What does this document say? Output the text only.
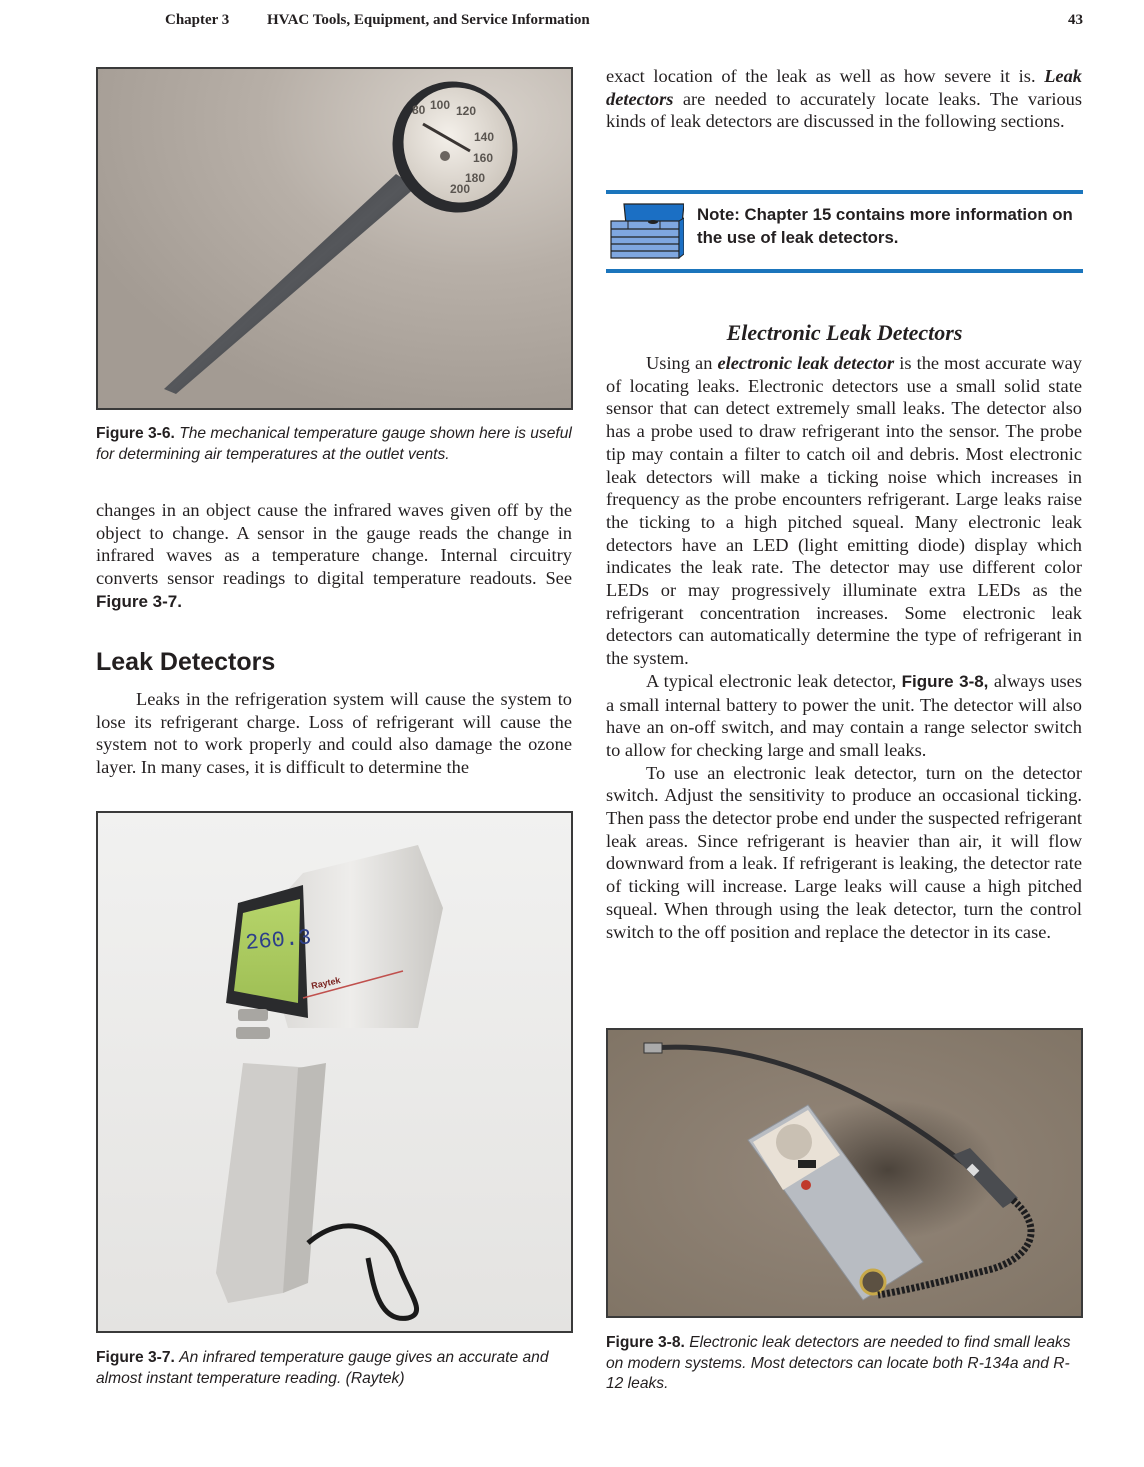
Chapter 3	HVAC Tools, Equipment, and Service Information	43
80 100 120
140
160
180
200
Figure 3-6. The mechanical temperature gauge shown here is useful for determining air temperatures at the outlet vents.

changes in an object cause the infrared waves given off by the object to change. A sensor in the gauge reads the change in infrared waves as a temperature change. Internal circuitry converts sensor readings to digital temperature readouts. See Figure 3-7.

Leak Detectors

Leaks in the refrigeration system will cause the system to lose its refrigerant charge. Loss of refrigerant will cause the system not to work properly and could also damage the ozone layer. In many cases, it is difficult to determine the

260.3
Raytek
Figure 3-7. An infrared temperature gauge gives an accurate and almost instant temperature reading. (Raytek)

exact location of the leak as well as how severe it is. Leak detectors are needed to accurately locate leaks. The various kinds of leak detectors are discussed in the following sections.

Note: Chapter 15 contains more information on the use of leak detectors.
Electronic Leak Detectors

Using an electronic leak detector is the most accurate way of locating leaks. Electronic detectors use a small solid state sensor that can detect extremely small leaks. The detector also has a probe used to draw refrigerant into the sensor. The probe tip may contain a filter to catch oil and debris. Most electronic leak detectors will make a ticking noise which increases in frequency as the probe encounters refrigerant. Large leaks raise the ticking to a high pitched squeal. Many electronic leak detectors have an LED (light emitting diode) display which indicates the leak rate. The detector may use different color LEDs or may progressively illuminate extra LEDs as the refrigerant concentration increases. Some electronic leak detectors can automatically determine the type of refrigerant in the system.

A typical electronic leak detector, Figure 3-8, always uses a small internal battery to power the unit. The detector will also have an on-off switch, and may contain a range selector switch to allow for checking large and small leaks.

To use an electronic leak detector, turn on the detector switch. Adjust the sensitivity to produce an occasional ticking. Then pass the detector probe end under the suspected refrigerant leak areas. Since refrigerant is heavier than air, it will flow downward from a leak. If refrigerant is leaking, the detector rate of ticking will increase. Large leaks will cause a high pitched squeal. When through using the leak detector, turn the control switch to the off position and replace the detector in its case.

Figure 3-8. Electronic leak detectors are needed to find small leaks on modern systems. Most detectors can locate both R-134a and R-12 leaks.
